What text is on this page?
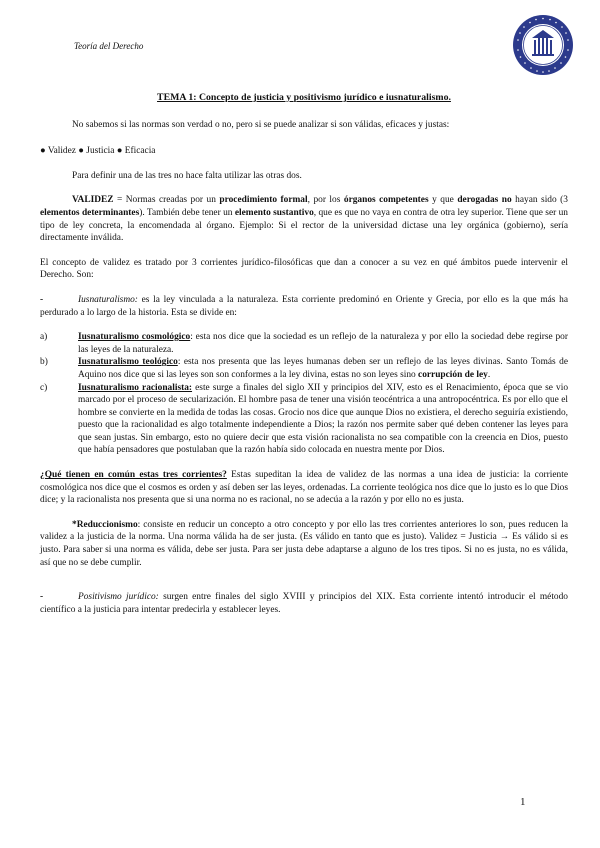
Teoría del Derecho

TEMA 1: Concepto de justicia y positivismo jurídico e iusnaturalismo.

No sabemos si las normas son verdad o no, pero si se puede analizar si son válidas, eficaces y justas:

● Validez ● Justicia ● Eficacia

Para definir una de las tres no hace falta utilizar las otras dos.

VALIDEZ = Normas creadas por un procedimiento formal, por los órganos competentes y que derogadas no hayan sido (3 elementos determinantes). También debe tener un elemento sustantivo, que es que no vaya en contra de otra ley superior. Tiene que ser un tipo de ley concreta, la encomendada al órgano. Ejemplo: Si el rector de la universidad dictase una ley orgánica (gobierno), sería directamente inválida.

El concepto de validez es tratado por 3 corrientes jurídico-filosóficas que dan a conocer a su vez en qué ámbitos puede intervenir el Derecho. Son:

-	Iusnaturalismo: es la ley vinculada a la naturaleza. Esta corriente predominó en Oriente y Grecia, por ello es la que más ha perdurado a lo largo de la historia. Esta se divide en:

a)	Iusnaturalismo cosmológico: esta nos dice que la sociedad es un reflejo de la naturaleza y por ello la sociedad debe regirse por las leyes de la naturaleza.

b)	Iusnaturalismo teológico: esta nos presenta que las leyes humanas deben ser un reflejo de las leyes divinas. Santo Tomás de Aquino nos dice que si las leyes son son conformes a la ley divina, estas no son leyes sino corrupción de ley.

c)	Iusnaturalismo racionalista: este surge a finales del siglo XII y principios del XIV, esto es el Renacimiento, época que se vio marcado por el proceso de secularización. El hombre pasa de tener una visión teocéntrica a una antropocéntrica. Es por ello que el hombre se convierte en la medida de todas las cosas. Grocio nos dice que aunque Dios no existiera, el derecho seguiría existiendo, puesto que la racionalidad es algo totalmente independiente a Dios; la razón nos permite saber qué deben contener las leyes para que sean justas. Sin embargo, esto no quiere decir que esta visión racionalista no sea compatible con la creencia en Dios, puesto que había pensadores que postulaban que la razón había sido colocada en nuestra mente por Dios.

¿Qué tienen en común estas tres corrientes? Estas supeditan la idea de validez de las normas a una idea de justicia: la corriente cosmológica nos dice que el cosmos es orden y así deben ser las leyes, ordenadas. La corriente teológica nos dice que lo justo es lo que Dios dice; y la racionalista nos presenta que si una norma no es racional, no se adecúa a la razón y por ello no es justa.

*Reduccionismo: consiste en reducir un concepto a otro concepto y por ello las tres corrientes anteriores lo son, pues reducen la validez a la justicia de la norma. Una norma válida ha de ser justa. (Es válido en tanto que es justo). Validez = Justicia → Es válido si es justo. Para saber si una norma es válida, debe ser justa. Para ser justa debe adaptarse a alguno de los tres tipos. Si no es justa, no es válida, así que no se debe cumplir.

-	Positivismo jurídico: surgen entre finales del siglo XVIII y principios del XIX. Esta corriente intentó introducir el método científico a la justicia para intentar predecirla y establecer leyes.

1
